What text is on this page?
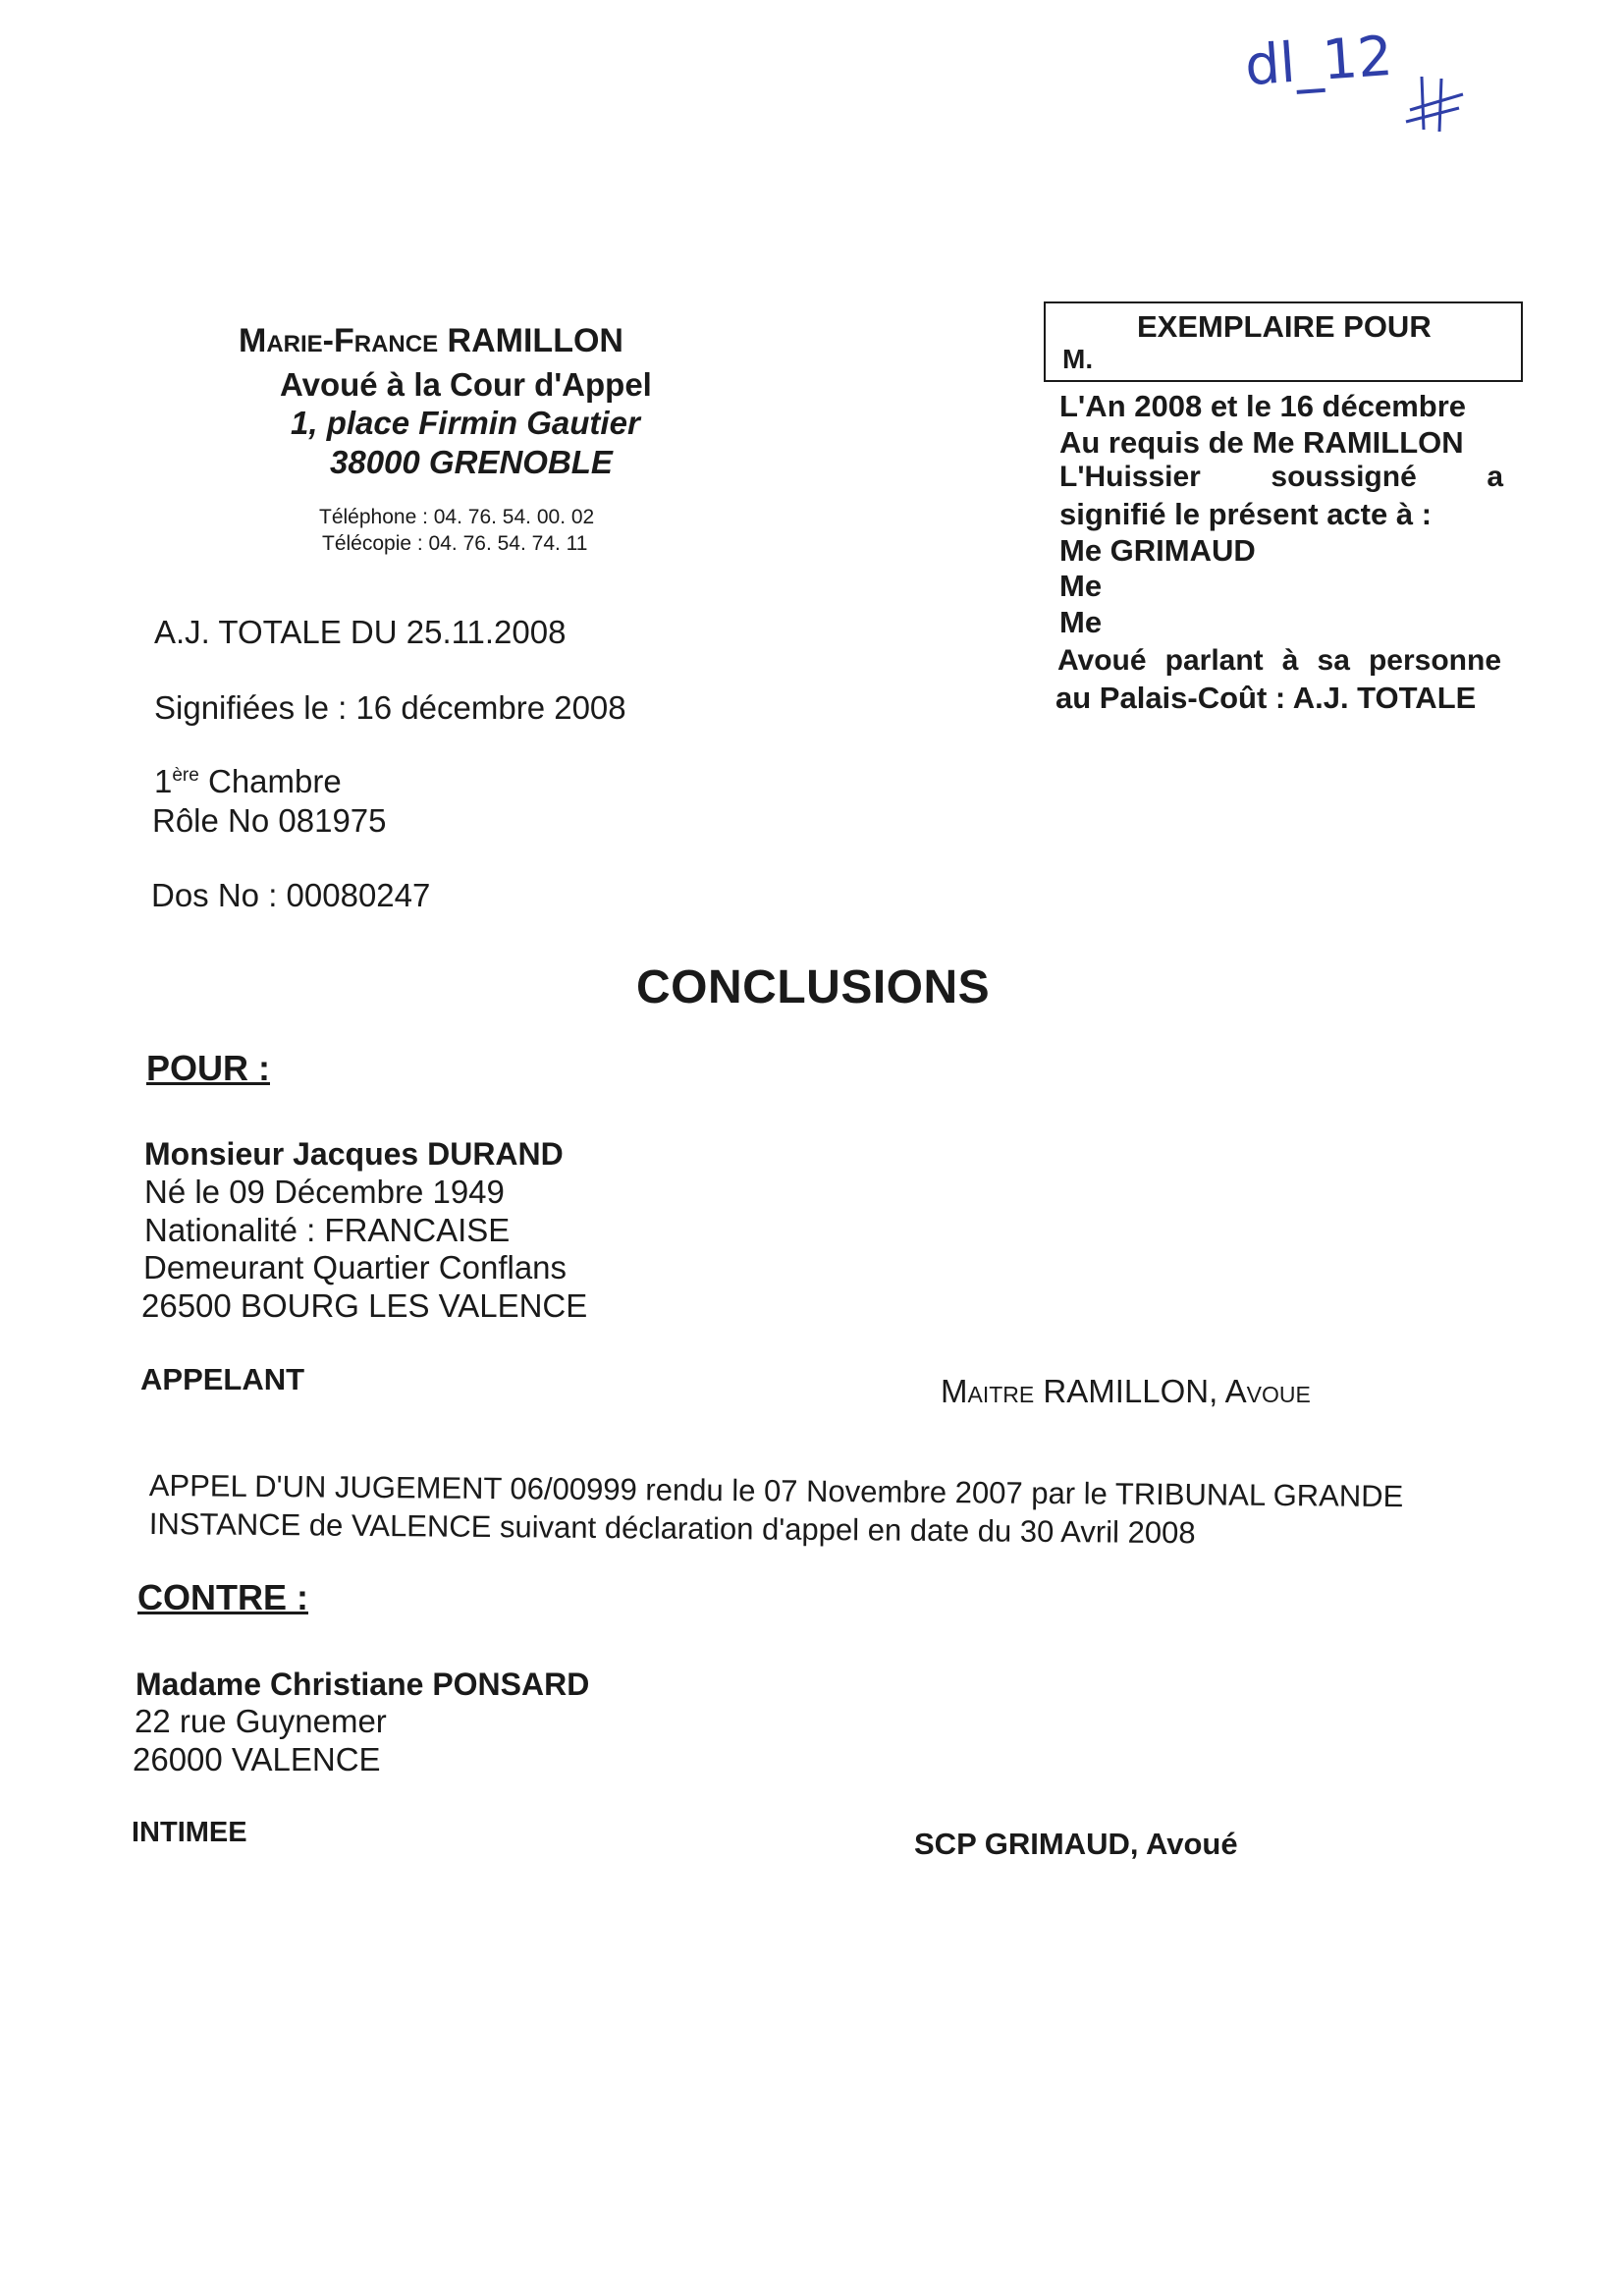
dl_12
Marie-France RAMILLON
Avoué à la Cour d'Appel
1, place Firmin Gautier
38000 GRENOBLE
Téléphone : 04. 76. 54. 00. 02
Télécopie : 04. 76. 54. 74. 11
EXEMPLAIRE POUR
M.
L'An 2008 et le 16 décembre
Au requis de Me RAMILLON
L'Huissier soussigné a
signifié le présent acte à :
Me GRIMAUD
Me
Me
Avoué parlant à sa personne
au Palais-Coût : A.J. TOTALE
A.J. TOTALE DU 25.11.2008
Signifiées le : 16 décembre 2008
1ère Chambre
Rôle No 081975
Dos No : 00080247
CONCLUSIONS
POUR :
Monsieur Jacques DURAND
Né le 09 Décembre 1949
Nationalité : FRANCAISE
Demeurant Quartier Conflans
26500 BOURG LES VALENCE
APPELANT	Maitre RAMILLON, Avoue
APPEL D'UN JUGEMENT 06/00999 rendu le 07 Novembre 2007 par le TRIBUNAL GRANDE
INSTANCE de VALENCE suivant déclaration d'appel en date du 30 Avril 2008
CONTRE :
Madame Christiane PONSARD
22 rue Guynemer
26000 VALENCE
INTIMEE	SCP GRIMAUD, Avoué
